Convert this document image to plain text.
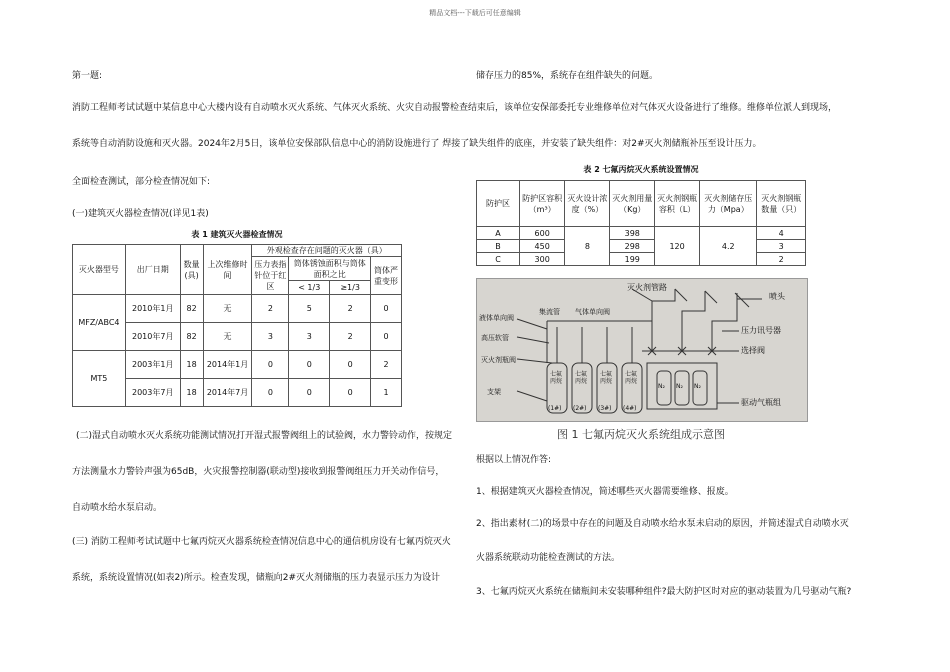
精品文档---下载后可任意编辑
第一题:
消防工程师考试试题中某信息中心大楼内设有自动喷水灭火系统、气体灭火系统、火灾自动报警检查结束后，该单位安保部委托专业维修单位对气体灭火设备进行了维修。维修单位派人到现场，
系统等自动消防设施和灭火器。2024年2月5日，该单位安保部队信息中心的消防设施进行了 焊接了缺失组件的底座，并安装了缺失组件：对2#灭火剂储瓶补压至设计压力。
全面检查测试，部分检查情况如下:
(一)建筑灭火器检查情况(详见1表)
表 1 建筑灭火器检查情况
灭火器型号	出厂日期	数量(具)	上次维修时间	外观检查存在问题的灭火器（具）			
				压力表指针位于红区	筒体锈蚀面积与筒体面积之比		筒体严重变形
					< 1/3	≥1/3	
MFZ/ABC4	2010年1月	82	无	2	5	2	0
	2010年7月	82	无	3	3	2	0
MT5	2003年1月	18	2014年1月	0	0	0	2
	2003年7月	18	2014年7月	0	0	0	1
(二)湿式自动喷水灭火系统功能测试情况打开湿式报警阀组上的试验阀，水力警铃动作，按规定
方法测量水力警铃声强为65dB，火灾报警控制器(联动型)接收到报警阀组压力开关动作信号，
自动喷水给水泵启动。
(三) 消防工程师考试试题中七氟丙烷灭火器系统检查情况信息中心的通信机房设有七氟丙烷灭火
系统，系统设置情况(如表2)所示。检查发现，储瓶向2#灭火剂储瓶的压力表显示压力为设计
储存压力的85%，系统存在组件缺失的问题。
表 2 七氟丙烷灭火系统设置情况
防护区	防护区容积（m³）	灭火设计浓度（%）	灭火剂用量（Kg）	灭火剂钢瓶容积（L）	灭火剂储存压力（Mpa）	灭火剂钢瓶数量（只）
A	600	8	398	120	4.2	4
B	450		298			3
C	300		199			2
灭火剂管路
喷头
集流管 气体单向阀
液体单向阀
高压软管
灭火剂瓶阀
支架
压力讯号器
选择阀
驱动气瓶组
七氟丙烷
七氟丙烷
七氟丙烷
七氟丙烷
(1#) (2#) (3#) (4#)
N₂ N₂ N₂
图 1 七氟丙烷灭火系统组成示意图
根据以上情况作答:
1、根据建筑灭火器检查情况，简述哪些灭火器需要维修、报废。
2、指出素材(二)的场景中存在的问题及自动喷水给水泵未启动的原因，并简述湿式自动喷水灭
火器系统联动功能检查测试的方法。
3、七氟丙烷灭火系统在储瓶间未安装哪种组件?最大防护区时对应的驱动装置为几号驱动气瓶?
